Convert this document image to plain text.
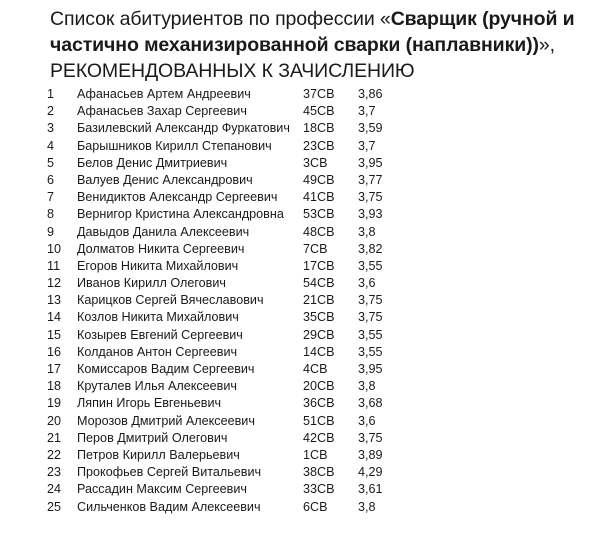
Список абитуриентов по профессии «Сварщик (ручной и частично механизированной сварки (наплавники))», РЕКОМЕНДОВАННЫХ К ЗАЧИСЛЕНИЮ
1 Афанасьев Артем Андреевич	37СВ 3,86
2 Афанасьев Захар Сергеевич	45СВ 3,7
3 Базилевский Александр Фуркатович 18СВ 3,59
4 Барышников Кирилл Степанович 23СВ 3,7
5 Белов Денис Дмитриевич	3СВ 3,95
6 Валуев Денис Александрович	49СВ 3,77
7 Венидиктов Александр Сергеевич 41СВ 3,75
8 Вернигор Кристина Александровна 53СВ 3,93
9 Давыдов Данила Алексеевич	48СВ 3,8
10 Долматов Никита Сергеевич	7СВ 3,82
11 Егоров Никита Михайлович	17СВ 3,55
12 Иванов Кирилл Олегович	54СВ 3,6
13 Карицков Сергей Вячеславович	21СВ 3,75
14 Козлов Никита Михайлович	35СВ 3,75
15 Козырев Евгений Сергеевич	29СВ 3,55
16 Колданов Антон Сергеевич	14СВ 3,55
17 Комиссаров Вадим Сергеевич	4СВ 3,95
18 Круталев Илья Алексеевич	20СВ 3,8
19 Ляпин Игорь Евгеньевич	36СВ 3,68
20 Морозов Дмитрий Алексеевич	51СВ 3,6
21 Перов Дмитрий Олегович	42СВ 3,75
22 Петров Кирилл Валерьевич	1СВ 3,89
23 Прокофьев Сергей Витальевич	38СВ 4,29
24 Рассадин Максим Сергеевич	33СВ 3,61
25 Сильченков Вадим Алексеевич	6СВ 3,8
